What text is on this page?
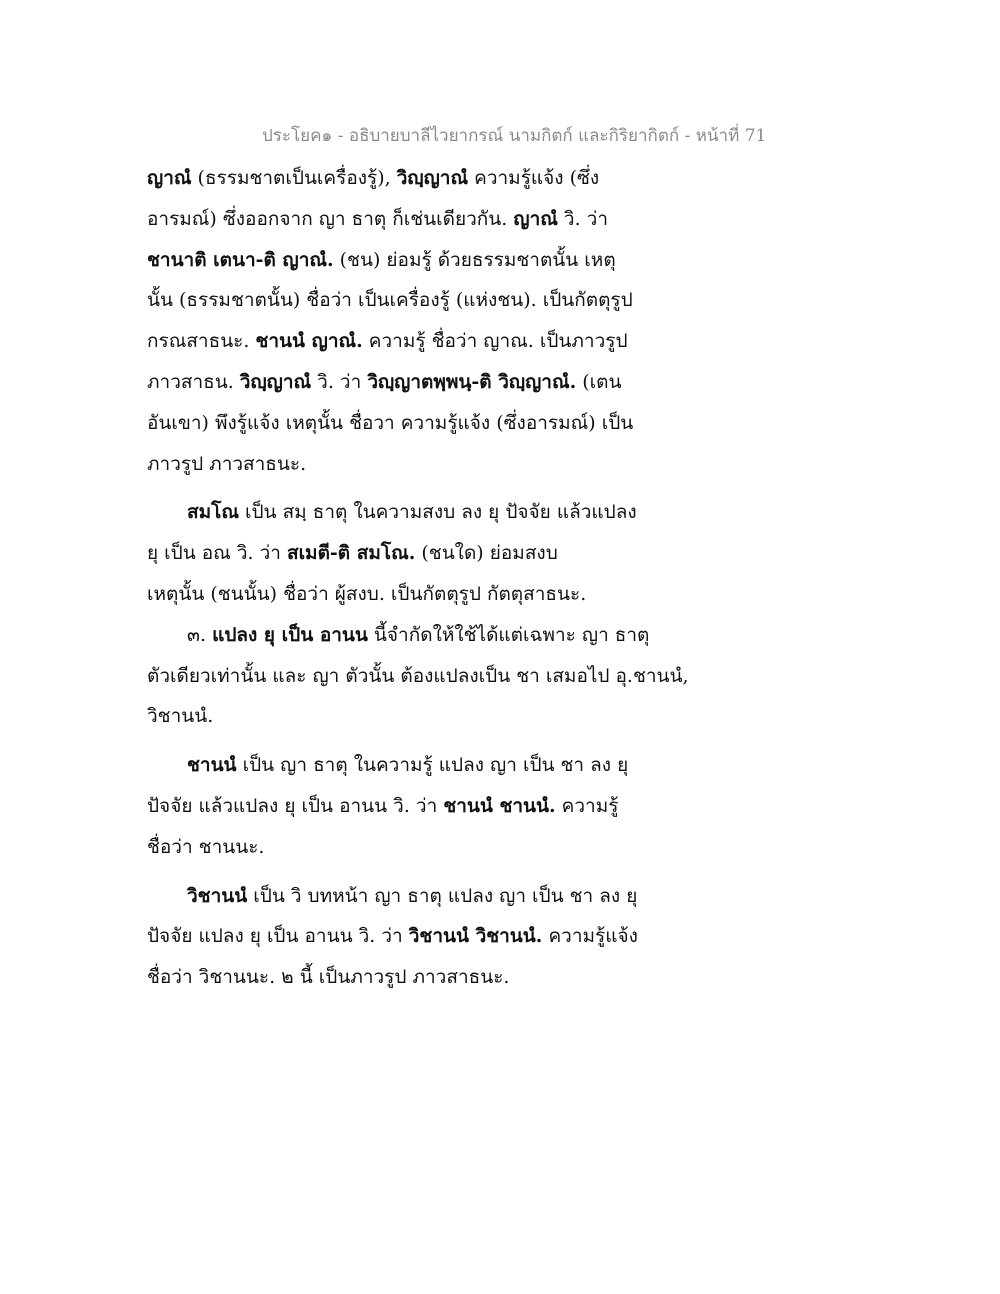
ประโยค๑ - อธิบายบาลีไวยากรณ์ นามกิตก์ และกิริยากิตก์ - หน้าที่ 71
ญาณํ (ธรรมชาตเป็นเครื่องรู้), วิญฺญาณํ ความรู้แจ้ง (ซึ่ง
อารมณ์) ซึ่งออกจาก ญา ธาตุ ก็เช่นเดียวกัน. ญาณํ วิ. ว่า
ชานาติ เตนา-ติ ญาณํ. (ชน) ย่อมรู้ ด้วยธรรมชาตนั้น เหตุ
นั้น (ธรรมชาตนั้น) ชื่อว่า เป็นเครื่องรู้ (แห่งชน). เป็นกัตตุรูป
กรณสาธนะ. ชานนํ ญาณํ. ความรู้ ชื่อว่า ญาณ. เป็นภาวรูป
ภาวสาธน. วิญฺญาณํ วิ. ว่า วิญฺญาตพฺพนฺ-ติ วิญฺญาณํ. (เตน
อันเขา) พึงรู้แจ้ง เหตุนั้น ชื่อวา ความรู้แจ้ง (ซึ่งอารมณ์) เป็น
ภาวรูป ภาวสาธนะ.
สมโณ เป็น สมฺ ธาตุ ในความสงบ ลง ยุ ปัจจัย แล้วแปลง
ยุ เป็น อณ วิ. ว่า สเมตี-ติ สมโณ. (ชนใด) ย่อมสงบ
เหตุนั้น (ชนนั้น) ชื่อว่า ผู้สงบ. เป็นกัตตุรูป กัตตุสาธนะ.
๓. แปลง ยุ เป็น อานน นี้จำกัดให้ใช้ได้แต่เฉพาะ ญา ธาตุ
ตัวเดียวเท่านั้น และ ญา ตัวนั้น ต้องแปลงเป็น ชา เสมอไป อุ.ชานนํ,
วิชานนํ.
ชานนํ เป็น ญา ธาตุ ในความรู้ แปลง ญา เป็น ชา ลง ยุ
ปัจจัย แล้วแปลง ยุ เป็น อานน วิ. ว่า ชานนํ ชานนํ. ความรู้
ชื่อว่า ชานนะ.
วิชานนํ เป็น วิ บทหน้า ญา ธาตุ แปลง ญา เป็น ชา ลง ยุ
ปัจจัย แปลง ยุ เป็น อานน วิ. ว่า วิชานนํ วิชานนํ. ความรู้แจ้ง
ชื่อว่า วิชานนะ. ๒ นี้ เป็นภาวรูป ภาวสาธนะ.
